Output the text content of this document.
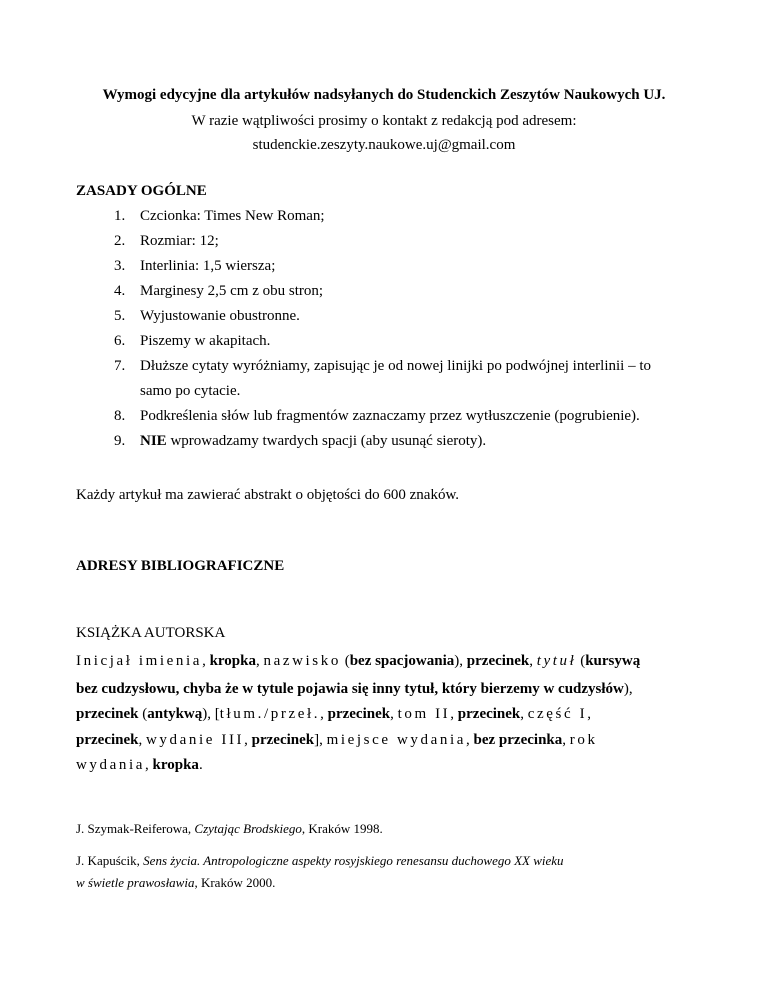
Wymogi edycyjne dla artykułów nadsyłanych do Studenckich Zeszytów Naukowych UJ.
W razie wątpliwości prosimy o kontakt z redakcją pod adresem:
studenckie.zeszyty.naukowe.uj@gmail.com
ZASADY OGÓLNE
1. Czcionka: Times New Roman;
2. Rozmiar: 12;
3. Interlinia: 1,5 wiersza;
4. Marginesy 2,5 cm z obu stron;
5. Wyjustowanie obustronne.
6. Piszemy w akapitach.
7. Dłuższe cytaty wyróżniamy, zapisując je od nowej linijki po podwójnej interlinii – to
samo po cytacie.
8. Podkreślenia słów lub fragmentów zaznaczamy przez wytłuszczenie (pogrubienie).
9. NIE wprowadzamy twardych spacji (aby usunąć sieroty).
Każdy artykuł ma zawierać abstrakt o objętości do 600 znaków.
ADRESY BIBLIOGRAFICZNE
KSIĄŻKA AUTORSKA
Inicjał imienia, kropka, nazwisko (bez spacjowania), przecinek, tytuł (kursywą
bez cudzysłowu, chyba że w tytule pojawia się inny tytuł, który bierzemy w cudzysłów),
przecinek (antykwą), [tłum./przeł., przecinek, tom II, przecinek, część I,
przecinek, wydanie III, przecinek], miejsce wydania, bez przecinka, rok
wydania, kropka.
J. Szymak-Reiferowa, Czytając Brodskiego, Kraków 1998.
J. Kapuścik, Sens życia. Antropologiczne aspekty rosyjskiego renesansu duchowego XX wieku
w świetle prawosławia, Kraków 2000.
